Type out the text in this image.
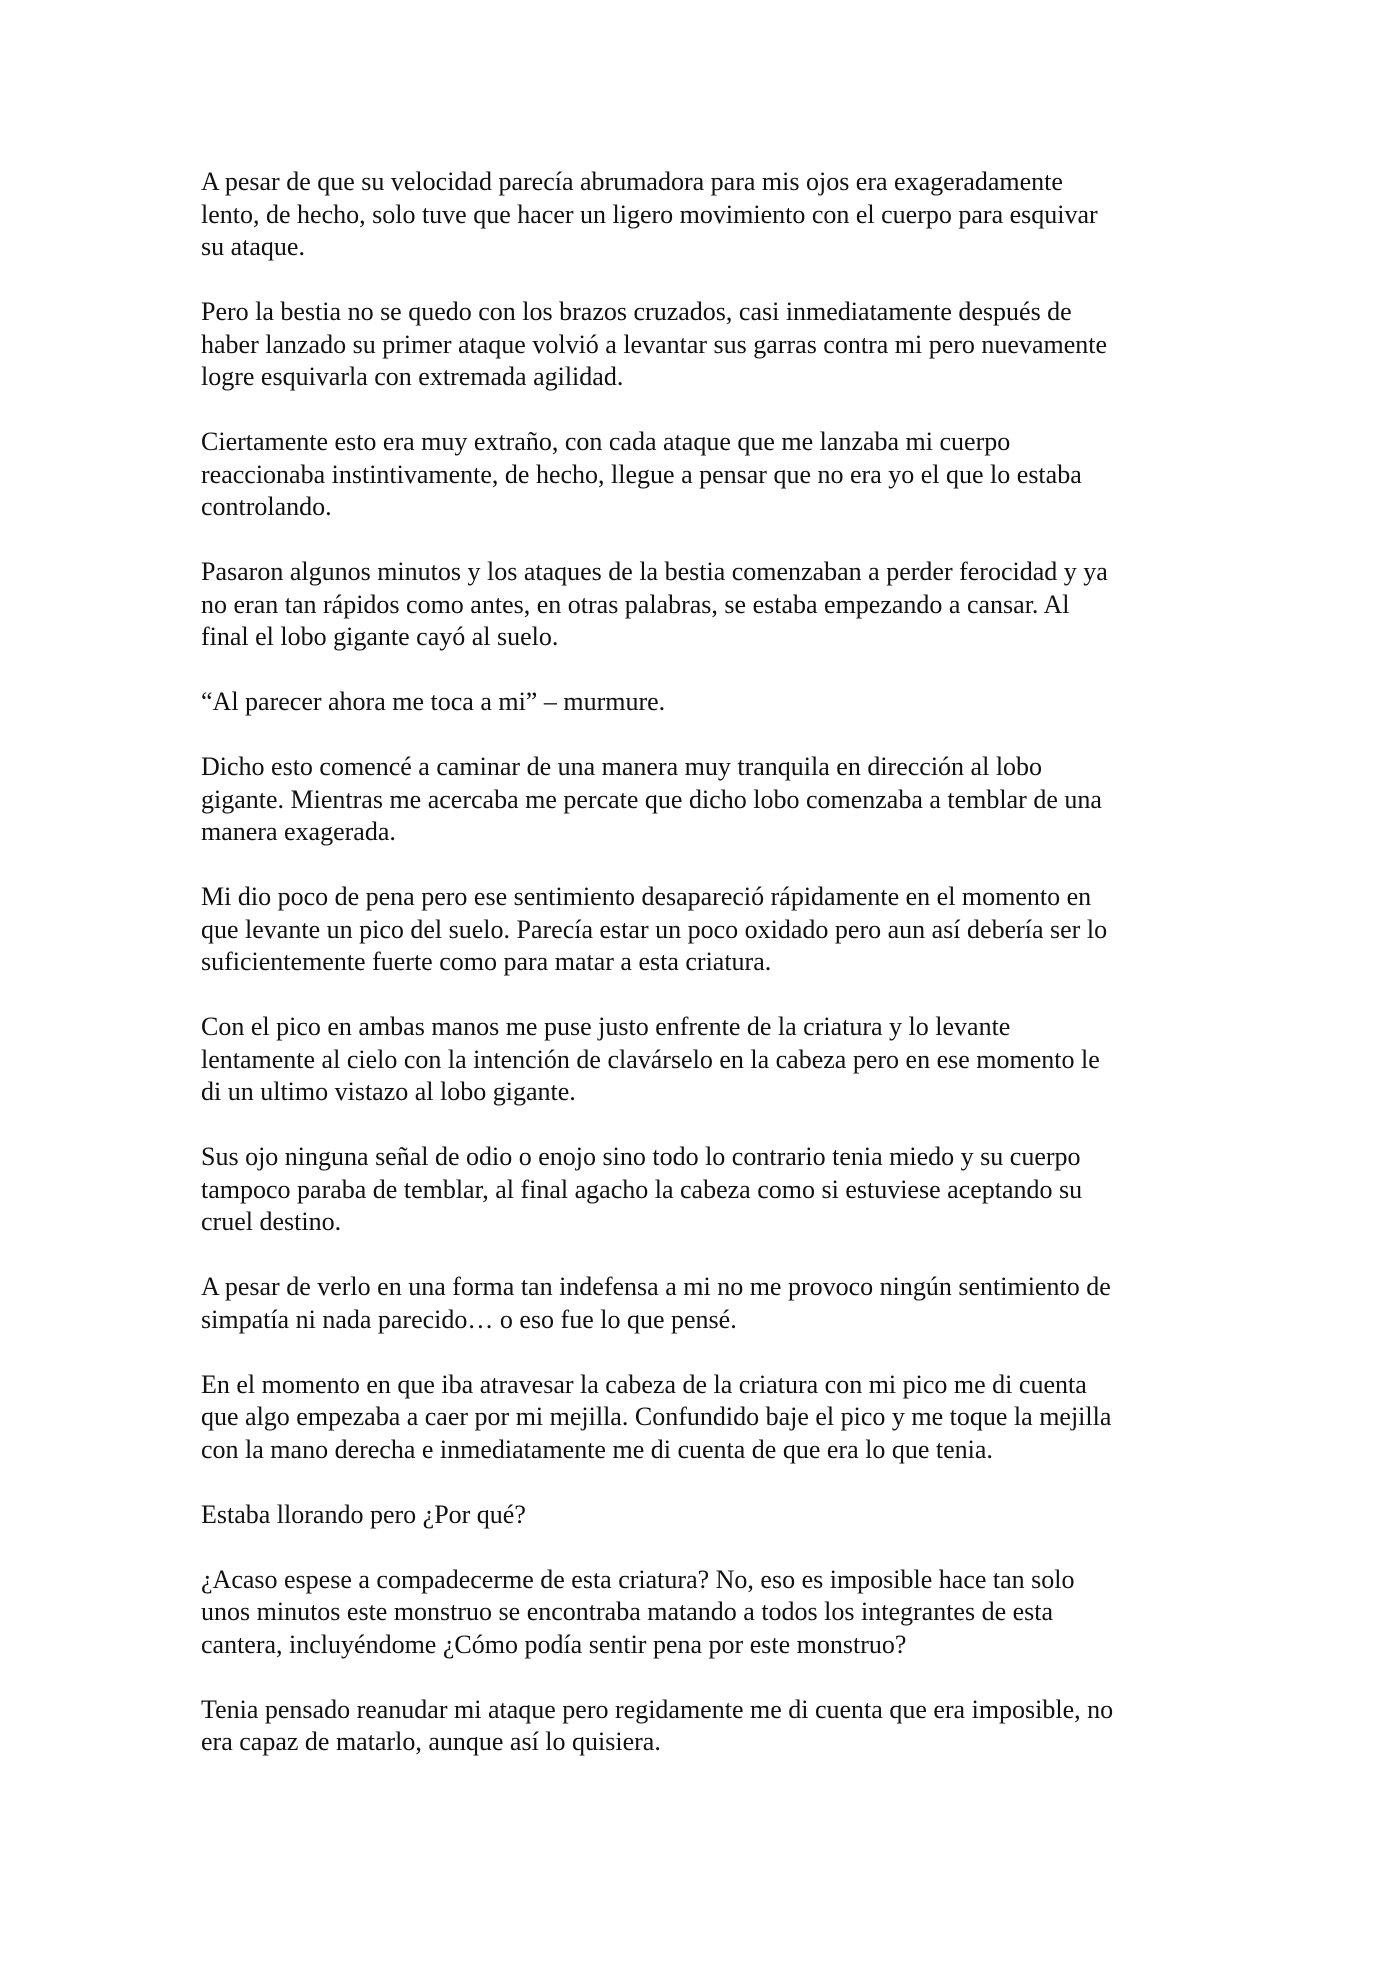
A pesar de que su velocidad parecía abrumadora para mis ojos era exageradamente
lento, de hecho, solo tuve que hacer un ligero movimiento con el cuerpo para esquivar
su ataque.

Pero la bestia no se quedo con los brazos cruzados, casi inmediatamente después de
haber lanzado su primer ataque volvió a levantar sus garras contra mi pero nuevamente
logre esquivarla con extremada agilidad.

Ciertamente esto era muy extraño, con cada ataque que me lanzaba mi cuerpo
reaccionaba instintivamente, de hecho, llegue a pensar que no era yo el que lo estaba
controlando.

Pasaron algunos minutos y los ataques de la bestia comenzaban a perder ferocidad y ya
no eran tan rápidos como antes, en otras palabras, se estaba empezando a cansar. Al
final el lobo gigante cayó al suelo.

“Al parecer ahora me toca a mi” – murmure.

Dicho esto comencé a caminar de una manera muy tranquila en dirección al lobo
gigante. Mientras me acercaba me percate que dicho lobo comenzaba a temblar de una
manera exagerada.

Mi dio poco de pena pero ese sentimiento desapareció rápidamente en el momento en
que levante un pico del suelo. Parecía estar un poco oxidado pero aun así debería ser lo
suficientemente fuerte como para matar a esta criatura.

Con el pico en ambas manos me puse justo enfrente de la criatura y lo levante
lentamente al cielo con la intención de clavárselo en la cabeza pero en ese momento le
di un ultimo vistazo al lobo gigante.

Sus ojo ninguna señal de odio o enojo sino todo lo contrario tenia miedo y su cuerpo
tampoco paraba de temblar, al final agacho la cabeza como si estuviese aceptando su
cruel destino.

A pesar de verlo en una forma tan indefensa a mi no me provoco ningún sentimiento de
simpatía ni nada parecido… o eso fue lo que pensé.

En el momento en que iba atravesar la cabeza de la criatura con mi pico me di cuenta
que algo empezaba a caer por mi mejilla. Confundido baje el pico y me toque la mejilla
con la mano derecha e inmediatamente me di cuenta de que era lo que tenia.

Estaba llorando pero ¿Por qué?

¿Acaso espese a compadecerme de esta criatura? No, eso es imposible hace tan solo
unos minutos este monstruo se encontraba matando a todos los integrantes de esta
cantera, incluyéndome ¿Cómo podía sentir pena por este monstruo?

Tenia pensado reanudar mi ataque pero regidamente me di cuenta que era imposible, no
era capaz de matarlo, aunque así lo quisiera.
